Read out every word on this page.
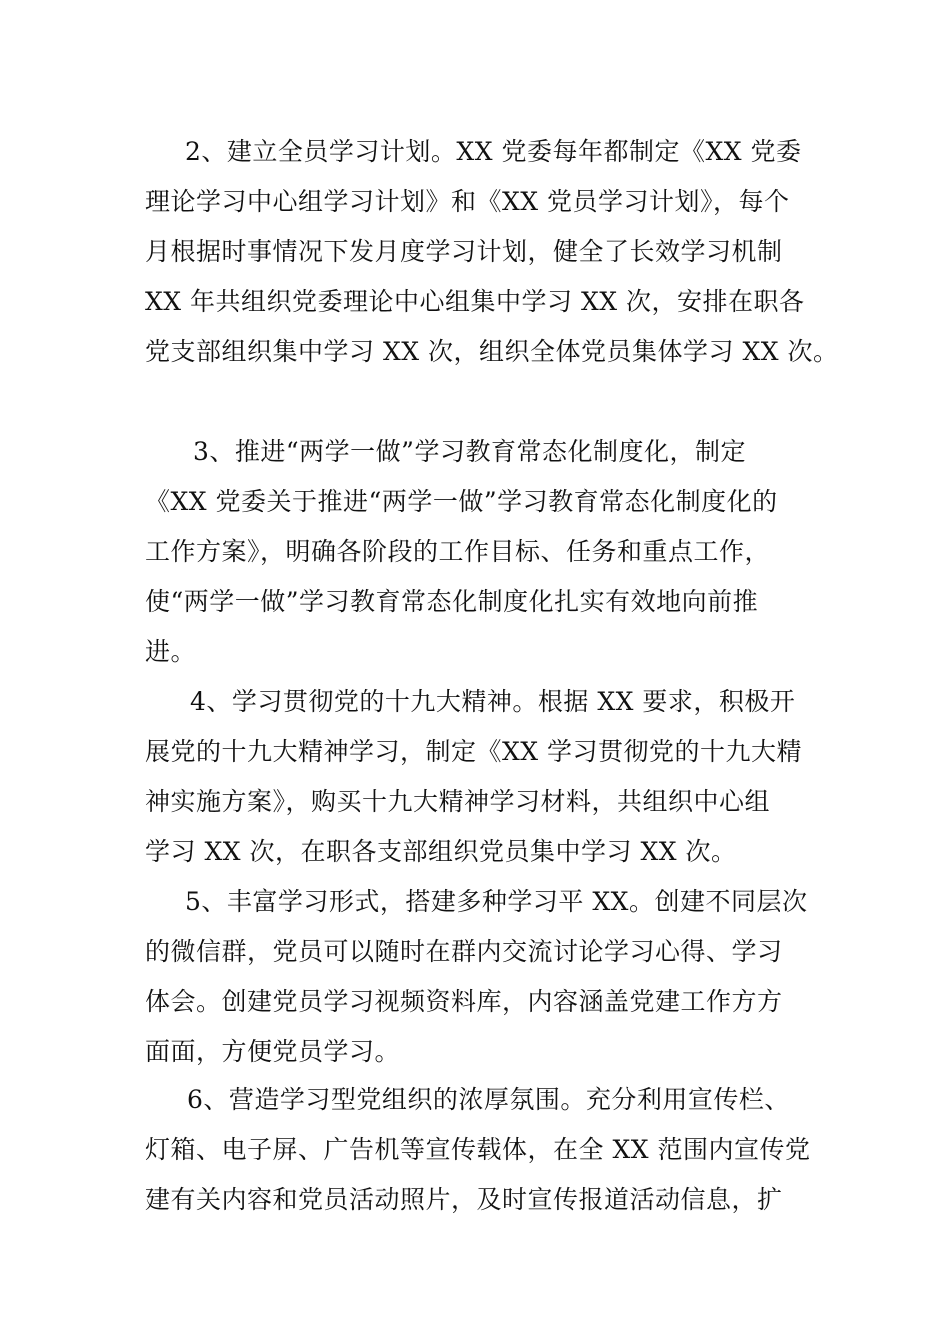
2、建立全员学习计划。XX 党委每年都制定《XX 党委
理论学习中心组学习计划》和《XX 党员学习计划》，每个
月根据时事情况下发月度学习计划，健全了长效学习机制
XX 年共组织党委理论中心组集中学习 XX 次，安排在职各
党支部组织集中学习 XX 次，组织全体党员集体学习 XX 次。
3、推进“两学一做”学习教育常态化制度化，制定
《XX 党委关于推进“两学一做”学习教育常态化制度化的
工作方案》，明确各阶段的工作目标、任务和重点工作，
使“两学一做”学习教育常态化制度化扎实有效地向前推
进。
4、学习贯彻党的十九大精神。根据 XX 要求，积极开
展党的十九大精神学习，制定《XX 学习贯彻党的十九大精
神实施方案》，购买十九大精神学习材料，共组织中心组
学习 XX 次，在职各支部组织党员集中学习 XX 次。
5、丰富学习形式，搭建多种学习平 XX。创建不同层次
的微信群，党员可以随时在群内交流讨论学习心得、学习
体会。创建党员学习视频资料库，内容涵盖党建工作方方
面面，方便党员学习。
6、营造学习型党组织的浓厚氛围。充分利用宣传栏、
灯箱、电子屏、广告机等宣传载体，在全 XX 范围内宣传党
建有关内容和党员活动照片，及时宣传报道活动信息，扩
